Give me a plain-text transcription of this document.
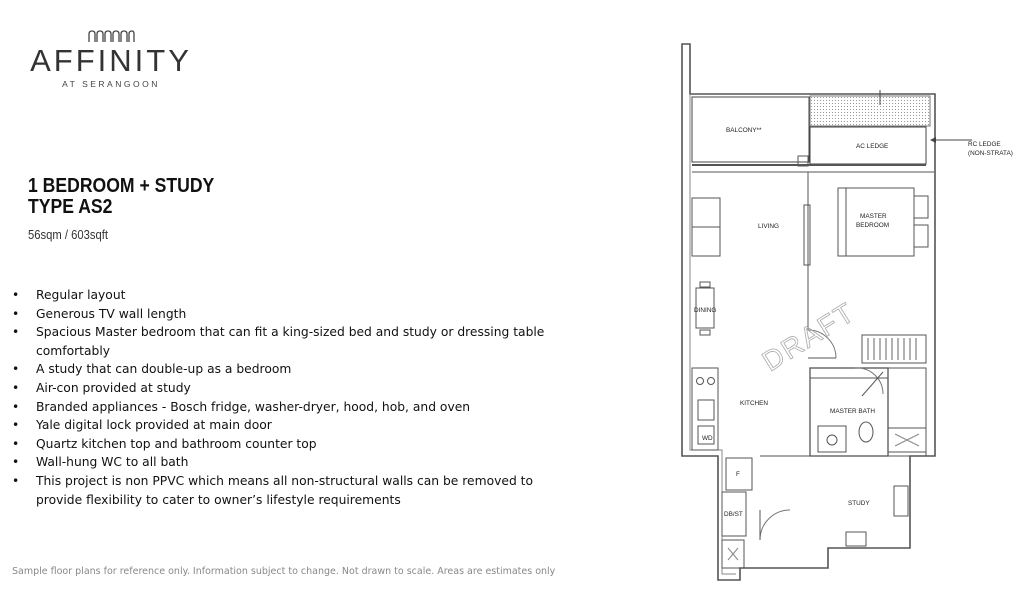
AFFINITY
AT SERANGOON
1 BEDROOM + STUDY
TYPE AS2
56sqm / 603sqft
• Regular layout
• Generous TV wall length
• Spacious Master bedroom that can fit a king-sized bed and study or dressing table comfortably
• A study that can double-up as a bedroom
• Air-con provided at study
• Branded appliances - Bosch fridge, washer-dryer, hood, hob, and oven
• Yale digital lock provided at main door
• Quartz kitchen top and bathroom counter top
• Wall-hung WC to all bath
• This project is non PPVC which means all non-structural walls can be removed to provide flexibility to cater to owner’s lifestyle requirements
Sample floor plans for reference only. Information subject to change. Not drawn to scale. Areas are estimates only
BALCONY**
AC LEDGE	RC LEDGE
(NON-STRATA)
LIVING
MASTER
BEDROOM
DINING
KITCHEN
MASTER BATH
WD
F
STUDY
DB/ST
DRAFT
